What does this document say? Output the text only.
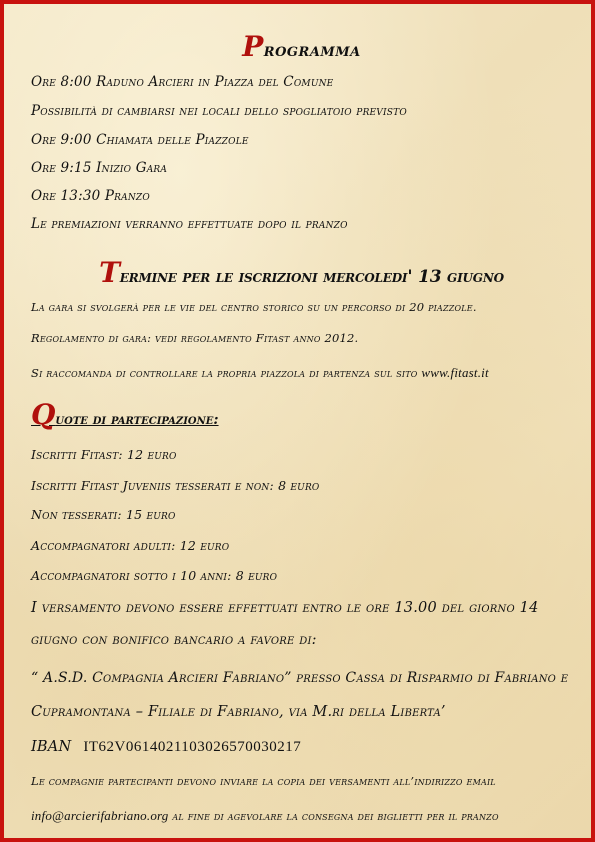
Programma
Ore 8:00 Raduno Arcieri in Piazza del Comune
Possibilità di cambiarsi nei locali dello spogliatoio previsto
Ore 9:00 Chiamata delle Piazzole
Ore 9:15 Inizio Gara
Ore 13:30 Pranzo
Le premiazioni verranno effettuate dopo il pranzo
Termine per le iscrizioni mercoledi' 13 giugno
La gara si svolgerà per le vie del centro storico su un percorso di 20 piazzole.
Regolamento di gara: vedi regolamento Fitast anno 2012.
Si raccomanda di controllare la propria piazzola di partenza sul sito www.fitast.it
Quote di partecipazione:
Iscritti Fitast: 12 euro
Iscritti Fitast Juveniis tesserati e non: 8 euro
Non tesserati: 15 euro
Accompagnatori adulti: 12 euro
Accompagnatori sotto i 10 anni: 8 euro
I versamento devono essere effettuati entro le ore 13.00 del giorno 14
giugno con bonifico bancario a favore di:
“ A.S.D. Compagnia Arcieri Fabriano” presso Cassa di Risparmio di Fabriano e
Cupramontana – Filiale di Fabriano, via M.ri della Liberta’
IBAN IT62V0614021103026570030217
Le compagnie partecipanti devono inviare la copia dei versamenti all’indirizzo email
info@arcierifabriano.org al fine di agevolare la consegna dei biglietti per il pranzo
